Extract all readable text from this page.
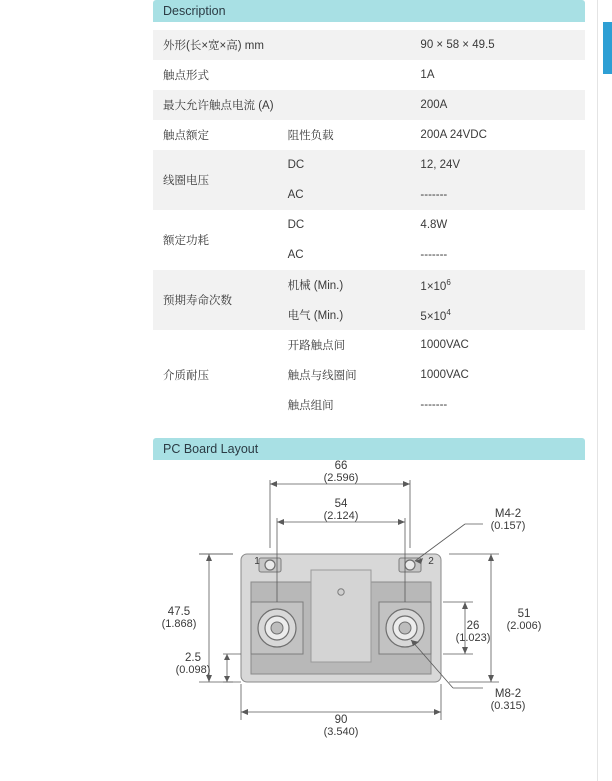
Description
外形(长×宽×高) mm		90 × 58 × 49.5
触点形式		1A
最大允许触点电流 (A)		200A
触点额定	阻性负载	200A 24VDC
线圈电压	DC	12, 24V
	AC	-------
额定功耗	DC	4.8W
	AC	-------
预期寿命次数	机械 (Min.)	$1\times 10^6$
	电气 (Min.)	$5\times 10^4$
介质耐压	开路触点间	1000VAC
	触点与线圈间	1000VAC
	触点组间	-------
PC Board Layout
66
(2.596)
54
(2.124)
90
(3.540)
47.5
(1.868)
2.5
(0.098)
51
(2.006)
26
(1.023)
M4-2
(0.157)
M8-2
(0.315)
1	2
